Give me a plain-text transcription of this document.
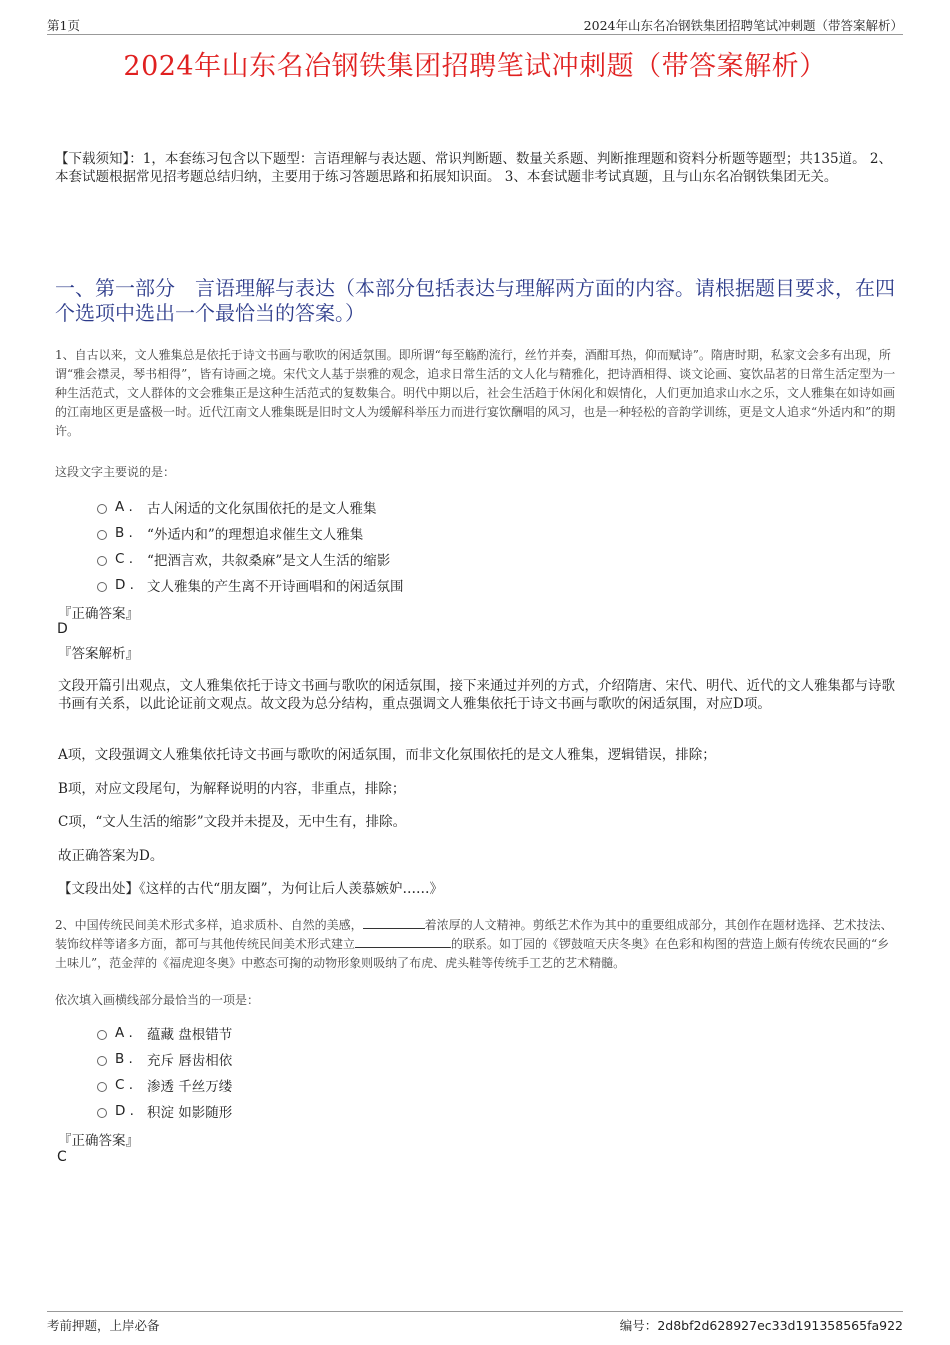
第1页	2024年山东名冶钢铁集团招聘笔试冲刺题（带答案解析）
2024年山东名冶钢铁集团招聘笔试冲刺题（带答案解析）
【下载须知】：1，本套练习包含以下题型：言语理解与表达题、常识判断题、数量关系题、判断推理题和资料分析题等题型；共135道。 2、本套试题根据常见招考题总结归纳，主要用于练习答题思路和拓展知识面。 3、本套试题非考试真题，且与山东名冶钢铁集团无关。
一、第一部分　言语理解与表达（本部分包括表达与理解两方面的内容。请根据题目要求，在四个选项中选出一个最恰当的答案。）
1、自古以来，文人雅集总是依托于诗文书画与歌吹的闲适氛围。即所谓“每至觞酌流行，丝竹并奏，酒酣耳热，仰而赋诗”。隋唐时期，私家文会多有出现，所谓“雅会襟灵，琴书相得”，皆有诗画之境。宋代文人基于崇雅的观念，追求日常生活的文人化与精雅化，把诗酒相得、谈文论画、宴饮品茗的日常生活定型为一种生活范式，文人群体的文会雅集正是这种生活范式的复数集合。明代中期以后，社会生活趋于休闲化和娱情化，人们更加追求山水之乐，文人雅集在如诗如画的江南地区更是盛极一时。近代江南文人雅集既是旧时文人为缓解科举压力而进行宴饮酬唱的风习，也是一种轻松的音韵学训练，更是文人追求“外适内和”的期许。
这段文字主要说的是：
A .	古人闲适的文化氛围依托的是文人雅集
B .	“外适内和”的理想追求催生文人雅集
C .	“把酒言欢，共叙桑麻”是文人生活的缩影
D . 文人雅集的产生离不开诗画唱和的闲适氛围
『正确答案』
D
『答案解析』
文段开篇引出观点，文人雅集依托于诗文书画与歌吹的闲适氛围，接下来通过并列的方式，介绍隋唐、宋代、明代、近代的文人雅集都与诗歌书画有关系，以此论证前文观点。故文段为总分结构，重点强调文人雅集依托于诗文书画与歌吹的闲适氛围，对应D项。
A项，文段强调文人雅集依托诗文书画与歌吹的闲适氛围，而非文化氛围依托的是文人雅集，逻辑错误，排除；
B项，对应文段尾句，为解释说明的内容，非重点，排除；
C项，“文人生活的缩影”文段并未提及，无中生有，排除。
故正确答案为D。
【文段出处】《这样的古代“朋友圈”，为何让后人羡慕嫉妒……》
2、中国传统民间美术形式多样，追求质朴、自然的美感，	着浓厚的人文精神。剪纸艺术作为其中的重要组成部分，其创作在题材选择、艺术技法、装饰纹样等诸多方面，都可与其他传统民间美术形式建立	的联系。如丁园的《锣鼓喧天庆冬奥》在色彩和构图的营造上颇有传统农民画的“乡土味儿”，范金萍的《福虎迎冬奥》中憨态可掬的动物形象则吸纳了布虎、虎头鞋等传统手工艺的艺术精髓。
依次填入画横线部分最恰当的一项是：
A .	蕴藏 盘根错节
B .	充斥 唇齿相依
C .	渗透 千丝万缕
D . 积淀 如影随形
『正确答案』
C
考前押题，上岸必备	编号：2d8bf2d628927ec33d191358565fa922
